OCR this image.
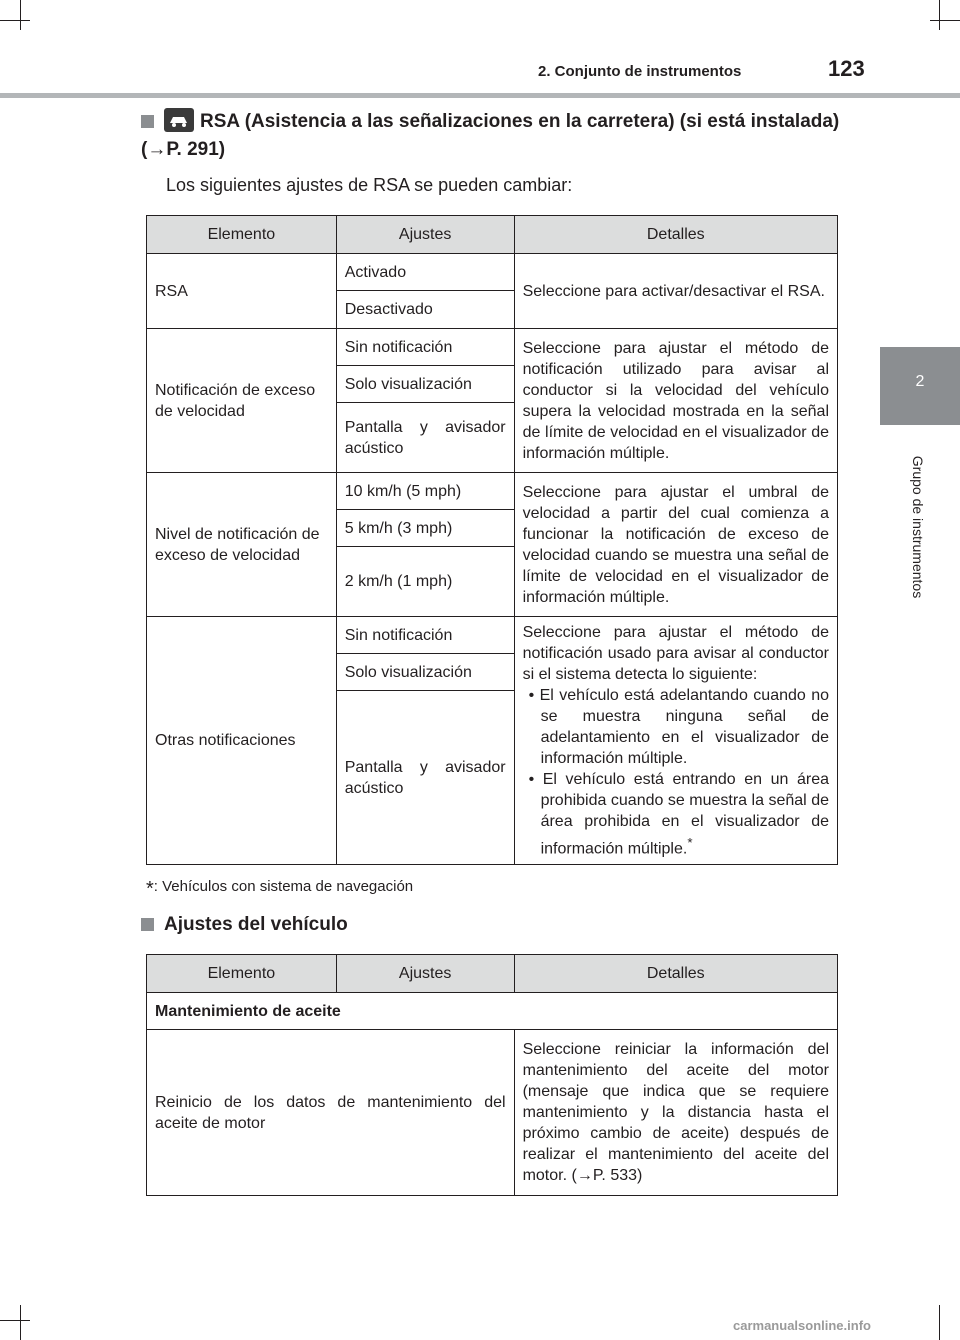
2. Conjunto de instrumentos	123
2
Grupo de instrumentos
RSA (Asistencia a las señalizaciones en la carretera) (si está instalada)
(→P. 291)
Los siguientes ajustes de RSA se pueden cambiar:
Elemento	Ajustes	Detalles
RSA	Activado	Seleccione para activar/desactivar el RSA.
	Desactivado	
Notificación de exceso de velocidad	Sin notificación	Seleccione para ajustar el método de notificación utilizado para avisar al conductor si la velocidad del vehículo supera la velocidad mostrada en la señal de límite de velocidad en el visualizador de información múltiple.
	Solo visualización	
	Pantalla y avisador acústico	
Nivel de notificación de exceso de velocidad	10 km/h (5 mph)	Seleccione para ajustar el umbral de velocidad a partir del cual comienza a funcionar la notificación de exceso de velocidad cuando se muestra una señal de límite de velocidad en el visualizador de información múltiple.
	5 km/h (3 mph)	
	2 km/h (1 mph)	
Otras notificaciones	Sin notificación	Seleccione para ajustar el método de notificación usado para avisar al conductor si el sistema detecta lo siguiente:
• El vehículo está adelantando cuando no se muestra ninguna señal de adelantamiento en el visualizador de información múltiple.
• El vehículo está entrando en un área prohibida cuando se muestra la señal de área prohibida en el visualizador de información múltiple.*

	Solo visualización	
	Pantalla y avisador acústico	
*: Vehículos con sistema de navegación
Ajustes del vehículo
Elemento	Ajustes	Detalles
Mantenimiento de aceite		
Reinicio de los datos de mantenimiento del aceite de motor		Seleccione reiniciar la información del mantenimiento del aceite del motor (mensaje que indica que se requiere mantenimiento y la distancia hasta el próximo cambio de aceite) después de realizar el mantenimiento del aceite del motor. (→P. 533)
carmanualsonline.info
